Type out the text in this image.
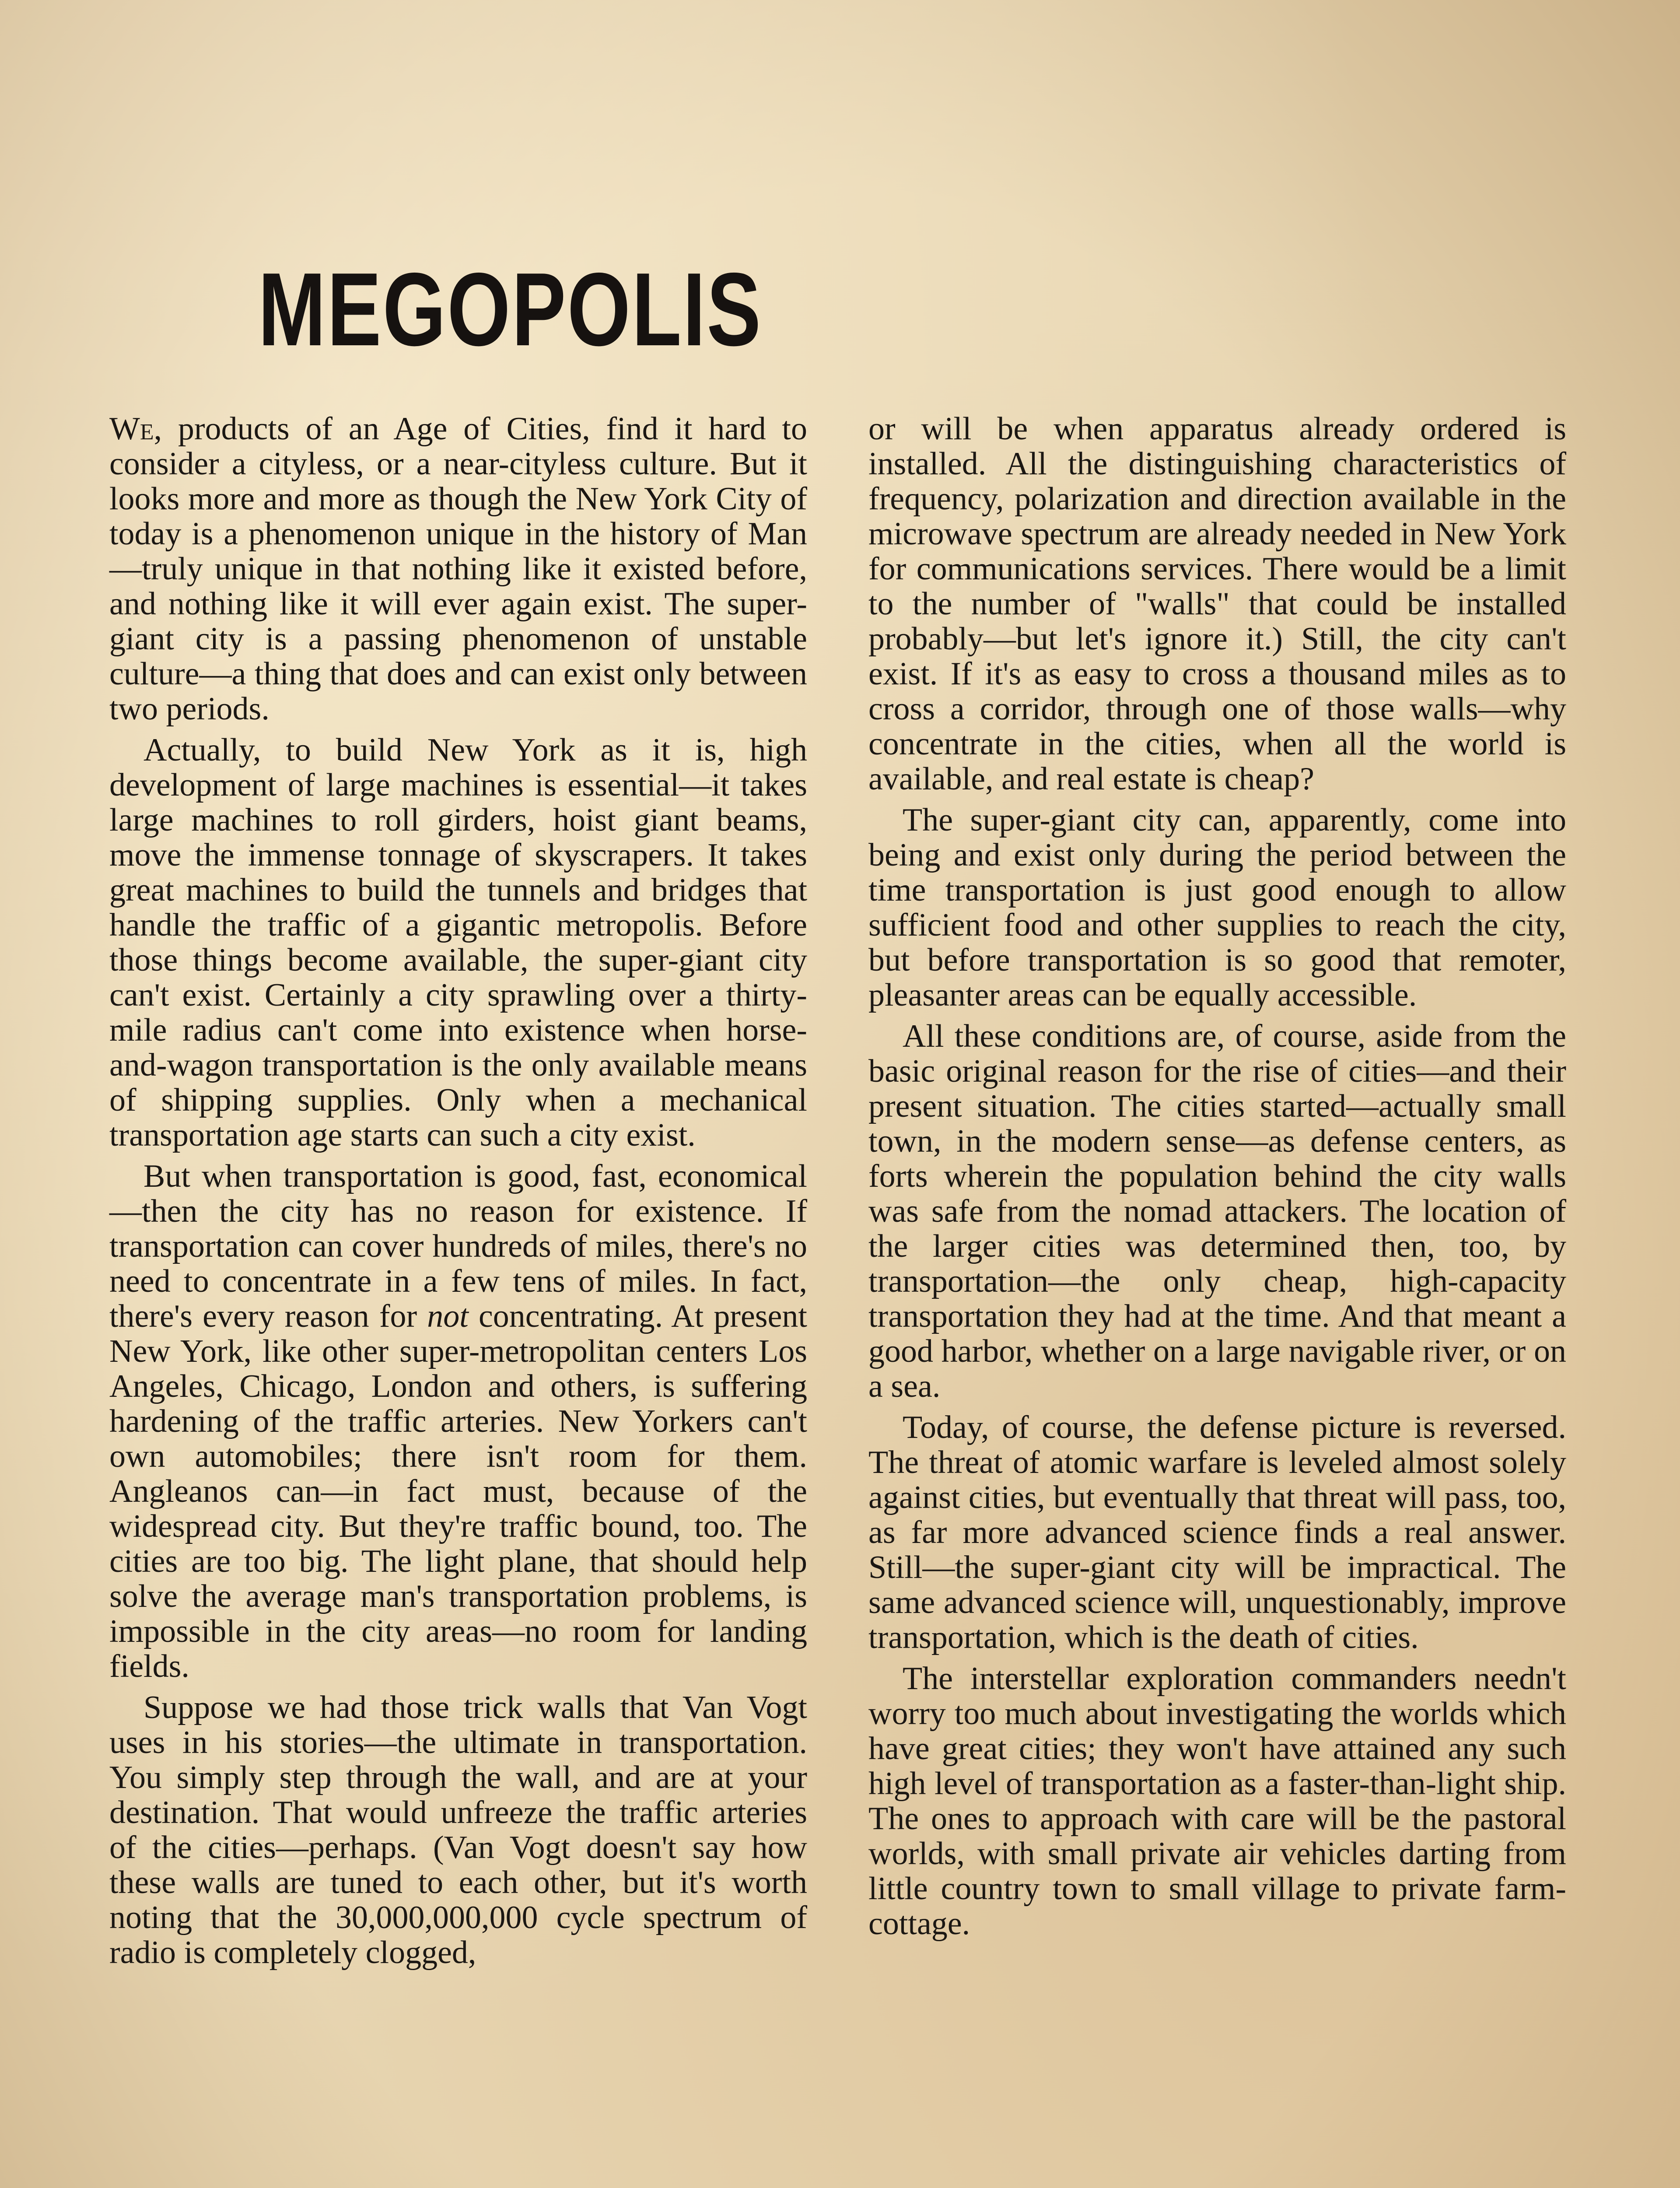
MEGOPOLIS

We, products of an Age of Cities, find it hard to consider a cityless, or a near-cityless culture. But it looks more and more as though the New York City of today is a phenomenon unique in the history of Man—truly unique in that nothing like it existed before, and nothing like it will ever again exist. The super-giant city is a passing phenomenon of unstable culture—a thing that does and can exist only between two periods.

Actually, to build New York as it is, high development of large machines is essential—it takes large machines to roll girders, hoist giant beams, move the immense tonnage of skyscrapers. It takes great machines to build the tunnels and bridges that handle the traffic of a gigantic metropolis. Before those things become available, the super-giant city can't exist. Certainly a city sprawling over a thirty-mile radius can't come into existence when horse-and-wagon transportation is the only available means of shipping supplies. Only when a mechanical transportation age starts can such a city exist.

But when transportation is good, fast, economical—then the city has no reason for existence. If transportation can cover hundreds of miles, there's no need to concentrate in a few tens of miles. In fact, there's every reason for not concentrating. At present New York, like other super-metropolitan centers Los Angeles, Chicago, London and others, is suffering hardening of the traffic arteries. New Yorkers can't own automobiles; there isn't room for them. Angleanos can—in fact must, because of the widespread city. But they're traffic bound, too. The cities are too big. The light plane, that should help solve the average man's transportation problems, is impossible in the city areas—no room for landing fields.

Suppose we had those trick walls that Van Vogt uses in his stories—the ultimate in transportation. You simply step through the wall, and are at your destination. That would unfreeze the traffic arteries of the cities—perhaps. (Van Vogt doesn't say how these walls are tuned to each other, but it's worth noting that the 30,000,000,000 cycle spectrum of radio is completely clogged,

or will be when apparatus already ordered is installed. All the distinguishing characteristics of frequency, polarization and direction available in the microwave spectrum are already needed in New York for communications services. There would be a limit to the number of "walls" that could be installed probably—but let's ignore it.) Still, the city can't exist. If it's as easy to cross a thousand miles as to cross a corridor, through one of those walls—why concentrate in the cities, when all the world is available, and real estate is cheap?

The super-giant city can, apparently, come into being and exist only during the period between the time transportation is just good enough to allow sufficient food and other supplies to reach the city, but before transportation is so good that remoter, pleasanter areas can be equally accessible.

All these conditions are, of course, aside from the basic original reason for the rise of cities—and their present situation. The cities started—actually small town, in the modern sense—as defense centers, as forts wherein the population behind the city walls was safe from the nomad attackers. The location of the larger cities was determined then, too, by transportation—the only cheap, high-capacity transportation they had at the time. And that meant a good harbor, whether on a large navigable river, or on a sea.

Today, of course, the defense picture is reversed. The threat of atomic warfare is leveled almost solely against cities, but eventually that threat will pass, too, as far more advanced science finds a real answer. Still—the super-giant city will be impractical. The same advanced science will, unquestionably, improve transportation, which is the death of cities.

The interstellar exploration commanders needn't worry too much about investigating the worlds which have great cities; they won't have attained any such high level of transportation as a faster-than-light ship. The ones to approach with care will be the pastoral worlds, with small private air vehicles darting from little country town to small village to private farm-cottage.
